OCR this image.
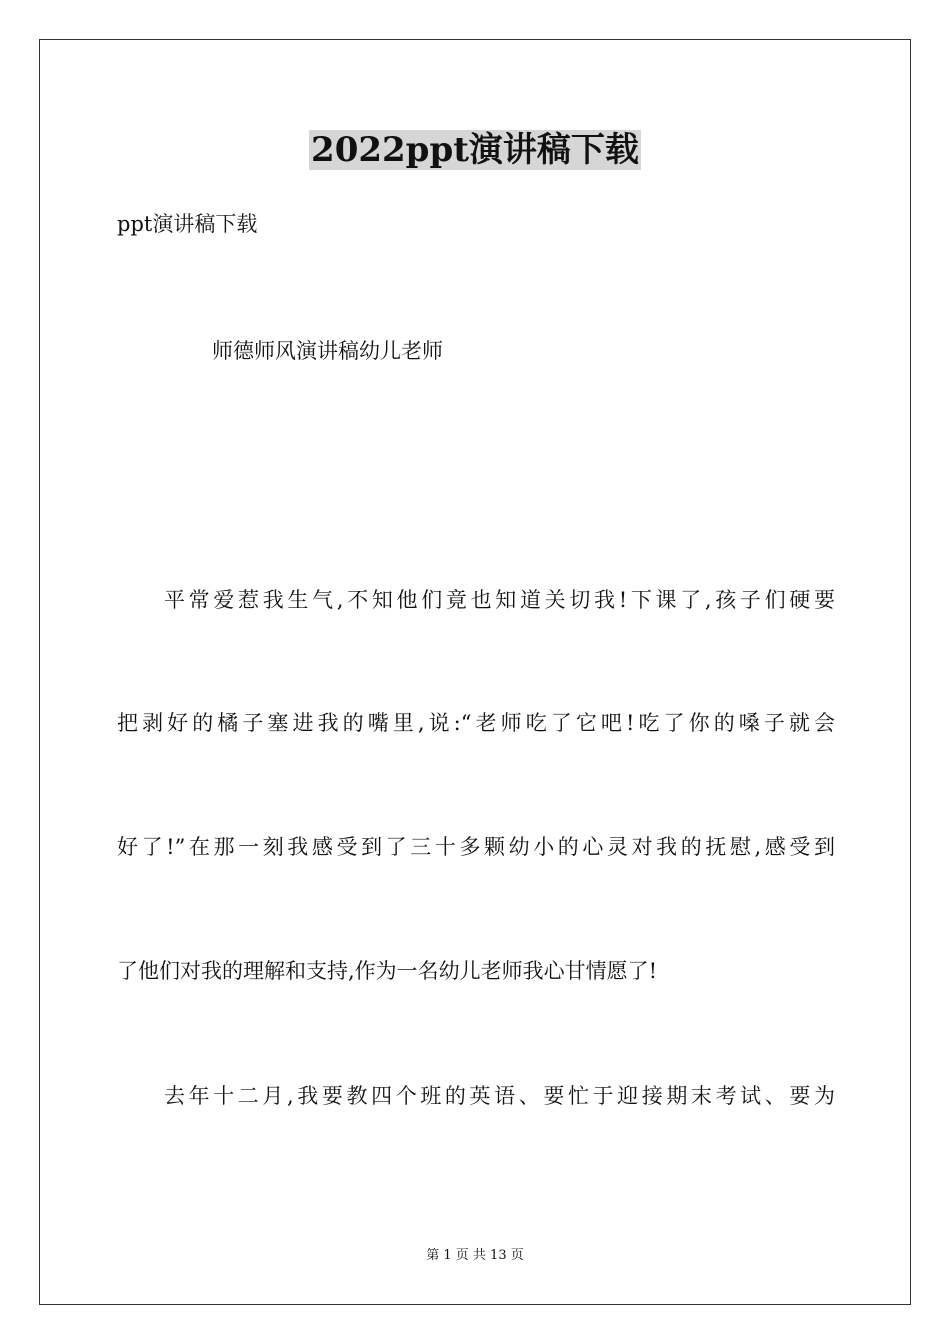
2022ppt演讲稿下载
ppt演讲稿下载
师德师风演讲稿幼儿老师
平常爱惹我生气,不知他们竟也知道关切我!下课了,孩子们硬要
把剥好的橘子塞进我的嘴里,说:“老师吃了它吧!吃了你的嗓子就会
好了!”在那一刻我感受到了三十多颗幼小的心灵对我的抚慰,感受到
了他们对我的理解和支持,作为一名幼儿老师我心甘情愿了!
去年十二月,我要教四个班的英语、要忙于迎接期末考试、要为
第 1 页 共 13 页
